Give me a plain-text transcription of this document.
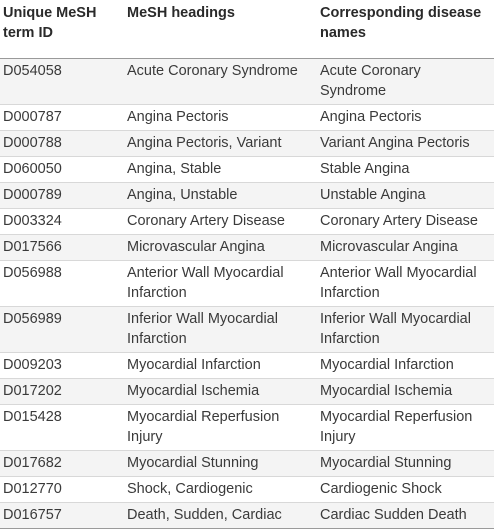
Unique MeSH term ID	MeSH headings	Corresponding disease names
D054058	Acute Coronary Syndrome	Acute Coronary Syndrome
D000787	Angina Pectoris	Angina Pectoris
D000788	Angina Pectoris, Variant	Variant Angina Pectoris
D060050	Angina, Stable	Stable Angina
D000789	Angina, Unstable	Unstable Angina
D003324	Coronary Artery Disease	Coronary Artery Disease
D017566	Microvascular Angina	Microvascular Angina
D056988	Anterior Wall Myocardial Infarction	Anterior Wall Myocardial Infarction
D056989	Inferior Wall Myocardial Infarction	Inferior Wall Myocardial Infarction
D009203	Myocardial Infarction	Myocardial Infarction
D017202	Myocardial Ischemia	Myocardial Ischemia
D015428	Myocardial Reperfusion Injury	Myocardial Reperfusion Injury
D017682	Myocardial Stunning	Myocardial Stunning
D012770	Shock, Cardiogenic	Cardiogenic Shock
D016757	Death, Sudden, Cardiac	Cardiac Sudden Death
